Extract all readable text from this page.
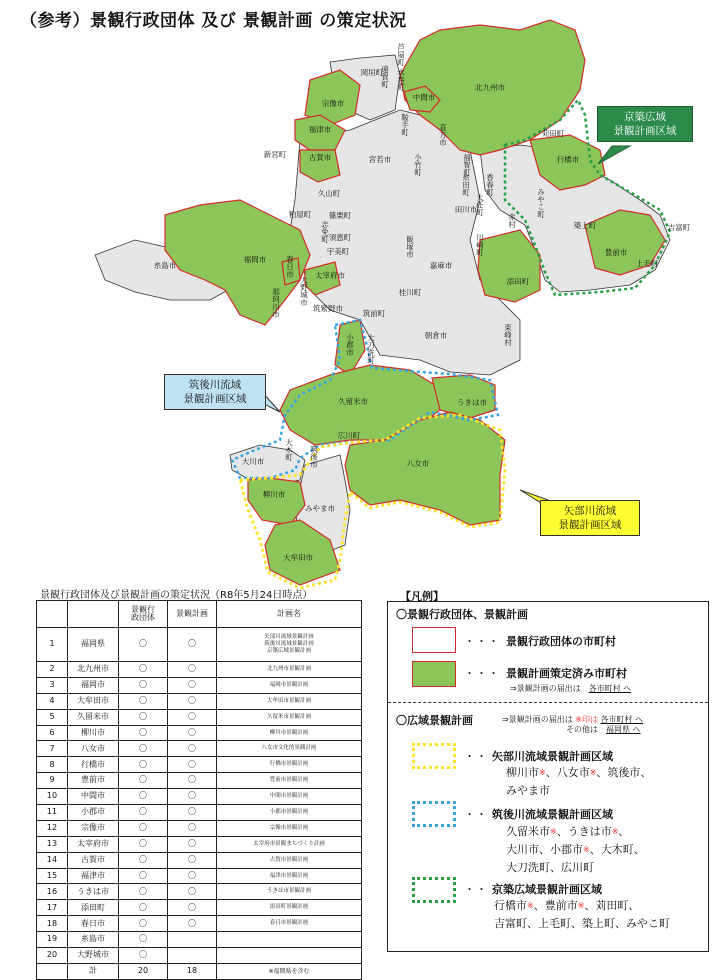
（参考）景観行政団体 及び 景観計画 の策定状況
岡垣町
芦屋町
水巻町
遠賀町
中間市
北九州市
宗像市
福津市
古賀市
新宮町
宮若市
鞍手町	直方市
小竹町	福智町
香春町
行橋市
苅田町
みやこ町
築上町
豊前市
吉富町
上毛町
赤村
大任町
川崎町
添田町
田川市
糸田町
飯塚市
嘉麻市
桂川町
久山町
篠栗町
粕屋町
志免町 須恵町
宇美町
糸島市
福岡市	春日市
大野城市
那珂川市
太宰府市
筑紫野市
筑前町
朝倉市	東峰村
小郡市 大刀洗町
久留米市	うきは市
大川市
大木町 筑後市
広川町
八女市
柳川市
みやま市
大牟田市
京築広域
景観計画区域
筑後川流域
景観計画区域
矢部川流域
景観計画区域
景観行政団体及び景観計画の策定状況（R8年5月24日時点）
		景観行
政団体	景観計画	計画名
1	福岡県	〇	〇	矢部川流域景観計画
筑後川流域景観計画
京築広域景観計画
2	北九州市	〇	〇	北九州市景観計画
3	福岡市	〇	〇	福岡市景観計画
4	大牟田市	〇	〇	大牟田市景観計画
5	久留米市	〇	〇	久留米市景観計画
6	柳川市	〇	〇	柳川市景観計画
7	八女市	〇	〇	八女市文化的景観計画
8	行橋市	〇	〇	行橋市景観計画
9	豊前市	〇	〇	豊前市景観計画
10	中間市	〇	〇	中間市景観計画
11	小郡市	〇	〇	小郡市景観計画
12	宗像市	〇	〇	宗像市景観計画
13	太宰府市	〇	〇	太宰府市景観まちづくり計画
14	古賀市	〇	〇	古賀市景観計画
15	福津市	〇	〇	福津市景観計画
16	うきは市	〇	〇	うきは市景観計画
17	添田町	〇	〇	添田町景観計画
18	春日市	〇	〇	春日市景観計画
19	糸島市	〇		
20	大野城市	〇		
	計	20	18	※福岡県を含む
【凡例】
〇景観行政団体、景観計画
・・・ 景観行政団体の市町村
・・・ 景観計画策定済み市町村
⇒景観計画の届出は　 各市町村 へ
〇広域景観計画	⇒景観計画の届出は ※印は 各市町村 へ
その他は　 福岡県 へ
・・・
矢部川流域景観計画区域
柳川市※、八女市※、筑後市、
みやま市
・・・
筑後川流域景観計画区域
久留米市※、うきは市※、
大川市、小郡市※、大木町、
大刀洗町、広川町
・・・
京築広域景観計画区域
行橋市※、豊前市※、苅田町、
吉富町、上毛町、築上町、みやこ町
